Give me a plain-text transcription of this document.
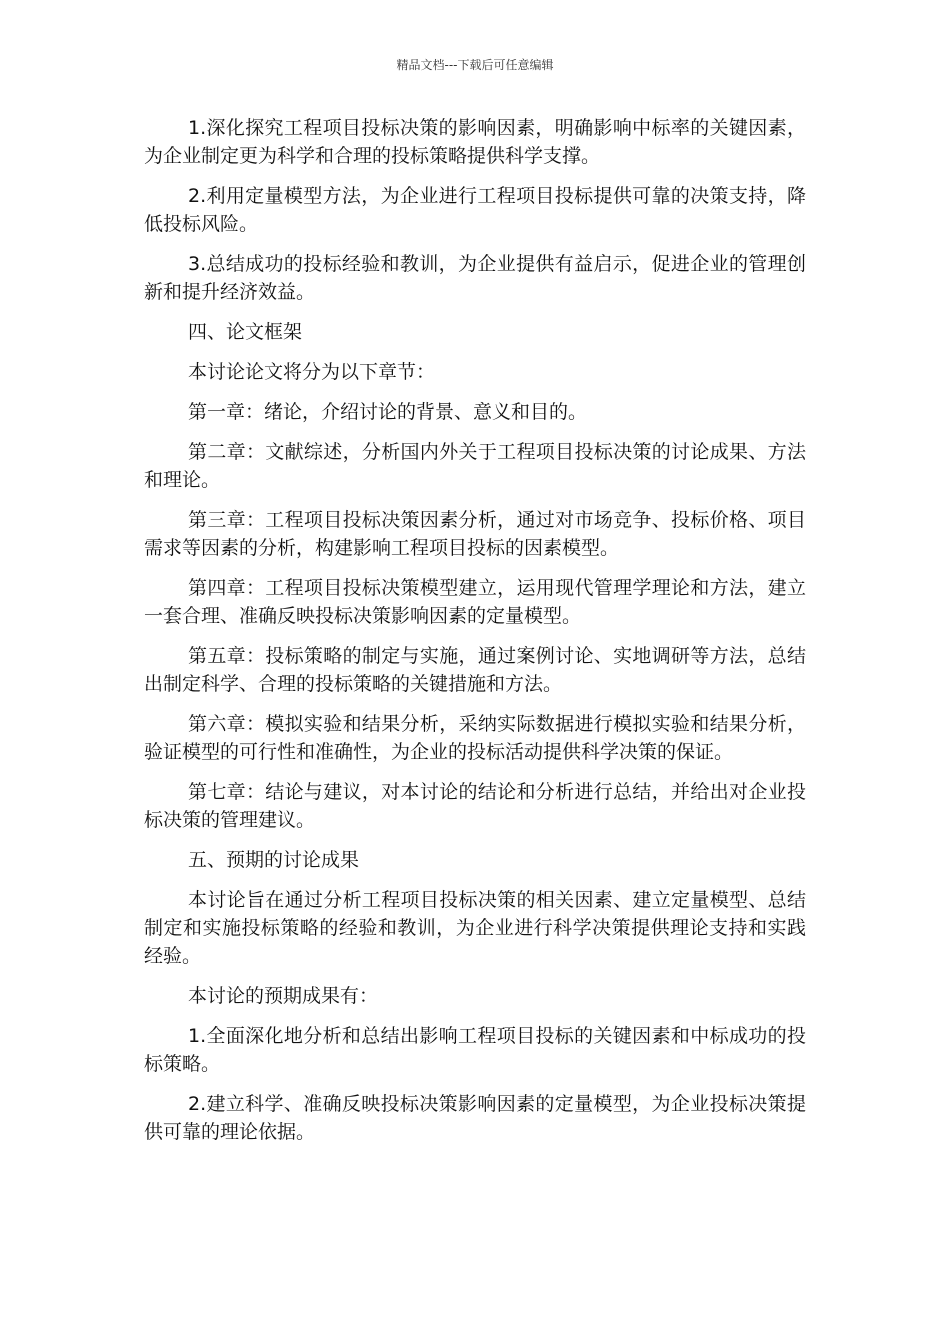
精品文档---下载后可任意编辑

1.深化探究工程项目投标决策的影响因素，明确影响中标率的关键因素，为企业制定更为科学和合理的投标策略提供科学支撑。

2.利用定量模型方法，为企业进行工程项目投标提供可靠的决策支持，降低投标风险。

3.总结成功的投标经验和教训，为企业提供有益启示，促进企业的管理创新和提升经济效益。

四、论文框架

本讨论论文将分为以下章节：

第一章：绪论，介绍讨论的背景、意义和目的。

第二章：文献综述，分析国内外关于工程项目投标决策的讨论成果、方法和理论。

第三章：工程项目投标决策因素分析，通过对市场竞争、投标价格、项目需求等因素的分析，构建影响工程项目投标的因素模型。

第四章：工程项目投标决策模型建立，运用现代管理学理论和方法，建立一套合理、准确反映投标决策影响因素的定量模型。

第五章：投标策略的制定与实施，通过案例讨论、实地调研等方法，总结出制定科学、合理的投标策略的关键措施和方法。

第六章：模拟实验和结果分析，采纳实际数据进行模拟实验和结果分析，验证模型的可行性和准确性，为企业的投标活动提供科学决策的保证。

第七章：结论与建议，对本讨论的结论和分析进行总结，并给出对企业投标决策的管理建议。

五、预期的讨论成果

本讨论旨在通过分析工程项目投标决策的相关因素、建立定量模型、总结制定和实施投标策略的经验和教训，为企业进行科学决策提供理论支持和实践经验。

本讨论的预期成果有：

1.全面深化地分析和总结出影响工程项目投标的关键因素和中标成功的投标策略。

2.建立科学、准确反映投标决策影响因素的定量模型，为企业投标决策提供可靠的理论依据。
